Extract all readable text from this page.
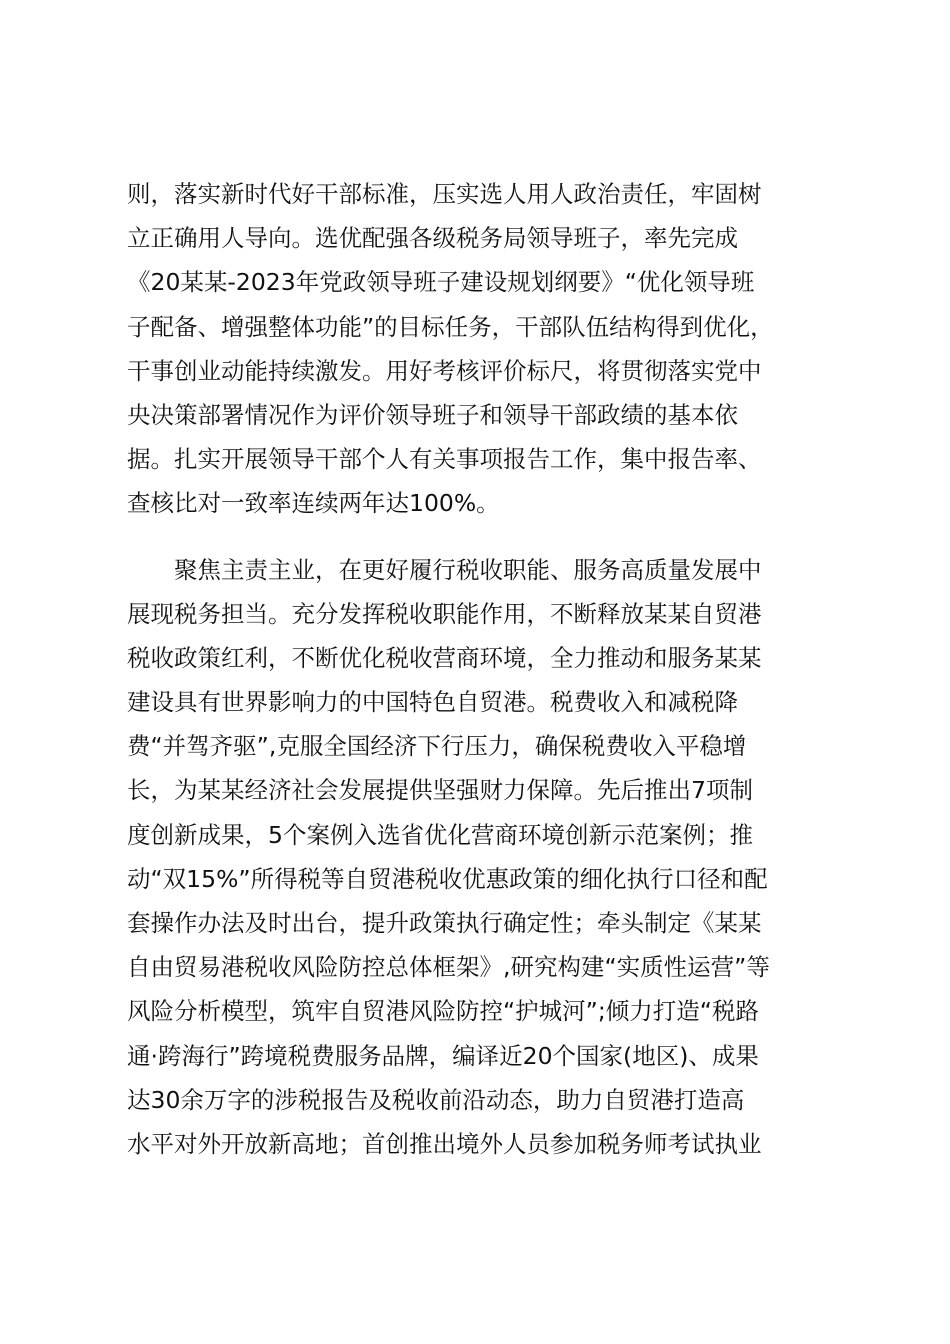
则，落实新时代好干部标准，压实选人用人政治责任，牢固树
立正确用人导向。选优配强各级税务局领导班子，率先完成
《20某某-2023年党政领导班子建设规划纲要》“优化领导班
子配备、增强整体功能”的目标任务，干部队伍结构得到优化，
干事创业动能持续激发。用好考核评价标尺，将贯彻落实党中
央决策部署情况作为评价领导班子和领导干部政绩的基本依
据。扎实开展领导干部个人有关事项报告工作，集中报告率、
查核比对一致率连续两年达100%。
聚焦主责主业，在更好履行税收职能、服务高质量发展中
展现税务担当。充分发挥税收职能作用，不断释放某某自贸港
税收政策红利，不断优化税收营商环境，全力推动和服务某某
建设具有世界影响力的中国特色自贸港。税费收入和减税降
费“并驾齐驱”,克服全国经济下行压力，确保税费收入平稳增
长，为某某经济社会发展提供坚强财力保障。先后推出7项制
度创新成果，5个案例入选省优化营商环境创新示范案例；推
动“双15%”所得税等自贸港税收优惠政策的细化执行口径和配
套操作办法及时出台，提升政策执行确定性；牵头制定《某某
自由贸易港税收风险防控总体框架》,研究构建“实质性运营”等
风险分析模型，筑牢自贸港风险防控“护城河”;倾力打造“税路
通·跨海行”跨境税费服务品牌，编译近20个国家(地区)、成果
达30余万字的涉税报告及税收前沿动态，助力自贸港打造高
水平对外开放新高地；首创推出境外人员参加税务师考试执业
